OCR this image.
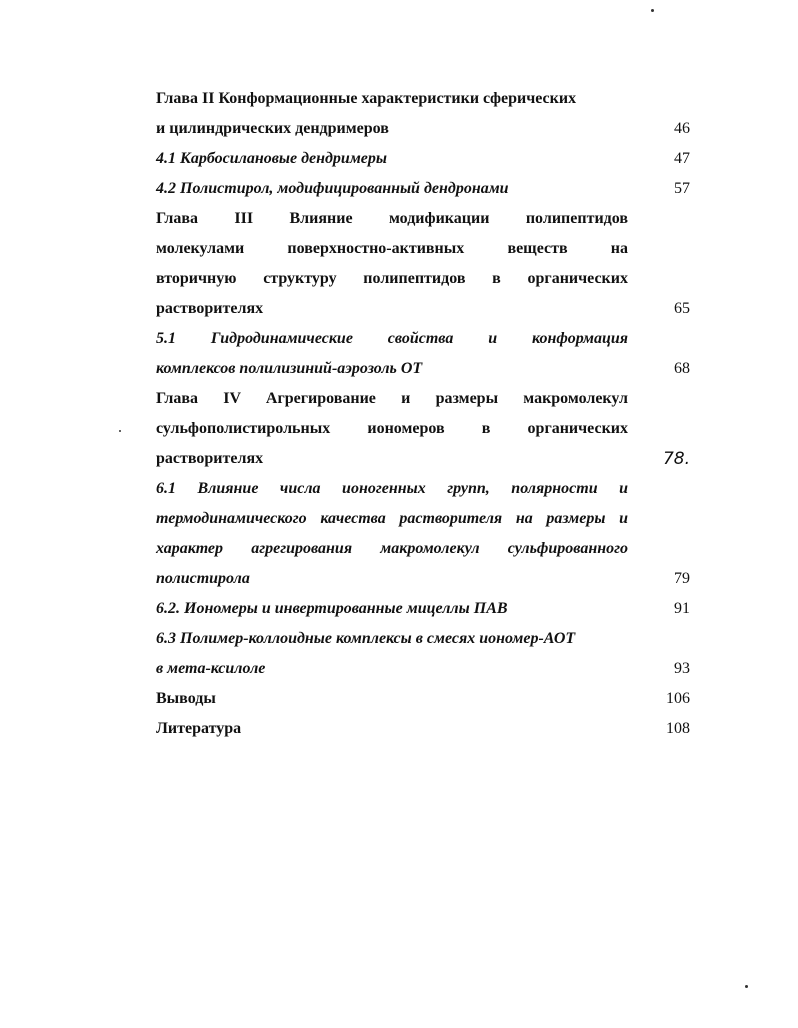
Глава II Конформационные характеристики сферических
и цилиндрических дендримеров	46
4.1 Карбосилановые дендримеры	47
4.2 Полистирол, модифицированный дендронами	57
Глава III Влияние модификации полипептидов
молекулами поверхностно-активных веществ на
вторичную структуру полипептидов в органических
растворителях	65
5.1 Гидродинамические свойства и конформация
комплексов полилизиний-аэрозоль ОТ	68
Глава IV Агрегирование и размеры макромолекул
сульфополистирольных иономеров в органических
растворителях	78.
6.1 Влияние числа ионогенных групп, полярности и
термодинамического качества растворителя на размеры и
характер агрегирования макромолекул сульфированного
полистирола	79
6.2. Иономеры и инвертированные мицеллы ПАВ	91
6.3 Полимер-коллоидные комплексы в смесях иономер-АОТ
в мета-ксилоле	93
Выводы	106
Литература	108
